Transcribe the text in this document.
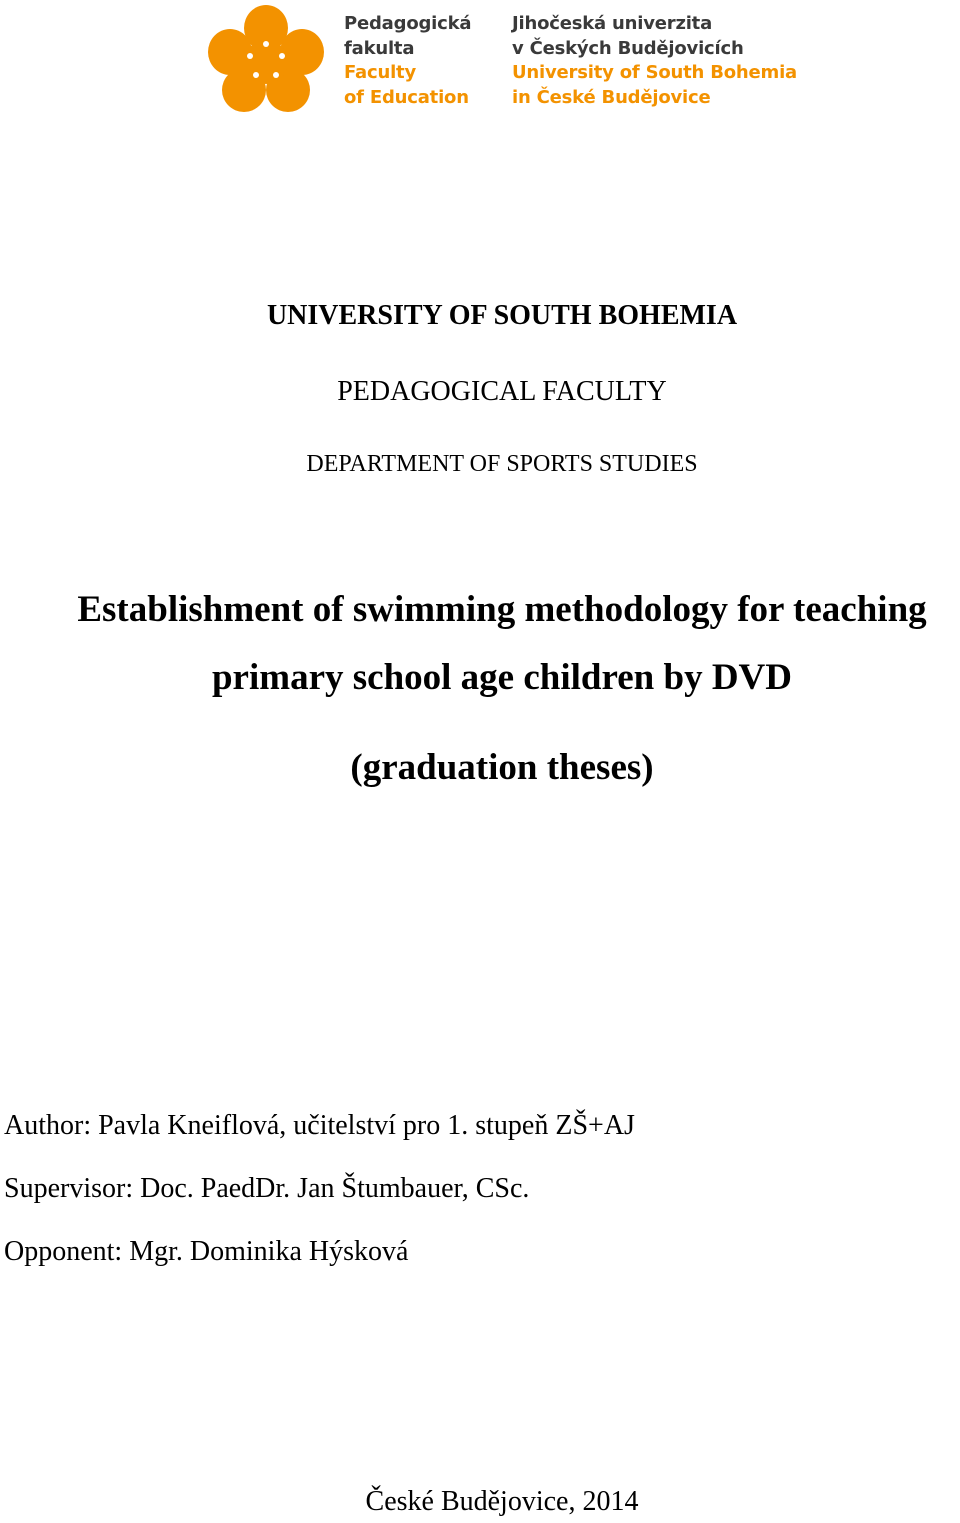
Pedagogická
fakulta
Faculty
of Education
Jihočeská univerzita
v Českých Budějovicích
University of South Bohemia
in České Budějovice

UNIVERSITY OF SOUTH BOHEMIA

PEDAGOGICAL FACULTY

DEPARTMENT OF SPORTS STUDIES

Establishment of swimming methodology for teaching

primary school age children by DVD

(graduation theses)

Author: Pavla Kneiflová, učitelství pro 1. stupeň ZŠ+AJ

Supervisor: Doc. PaedDr. Jan Štumbauer, CSc.

Opponent: Mgr. Dominika Hýsková

České Budějovice, 2014
